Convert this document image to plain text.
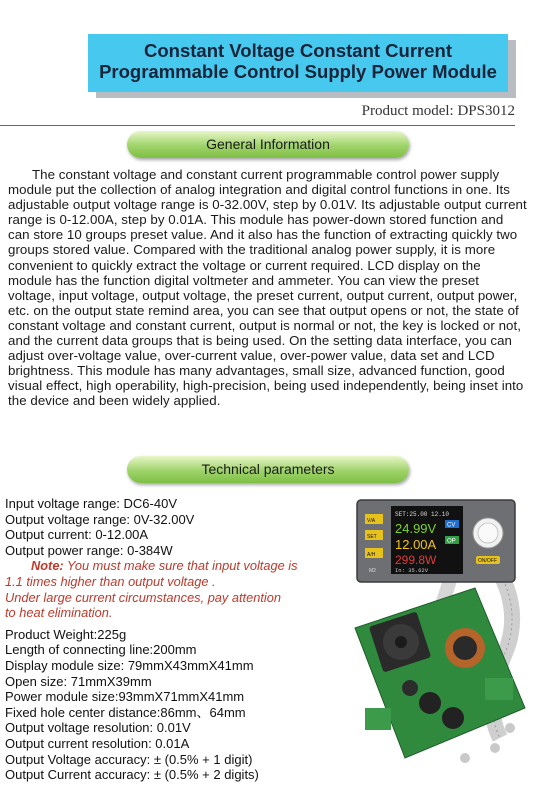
Constant Voltage Constant Current
Programmable Control Supply Power Module
Product model: DPS3012
General Information
The constant voltage and constant current programmable control power supply module put the collection of analog integration and digital control functions in one. Its adjustable output voltage range is 0-32.00V, step by 0.01V. Its adjustable output current range is 0-12.00A, step by 0.01A. This module has power-down stored function and can store 10 groups preset value. And it also has the function of extracting quickly two groups stored value. Compared with the traditional analog power supply, it is more convenient to quickly extract the voltage or current required. LCD display on the module has the function digital voltmeter and ammeter. You can view the preset voltage, input voltage, output voltage, the preset current, output current, output power, etc. on the output state remind area, you can see that output opens or not, the state of constant voltage and constant current, output is normal or not, the key is locked or not, and the current data groups that is being used. On the setting data interface, you can adjust over-voltage value, over-current value, over-power value, data set and LCD brightness. This module has many advantages, small size, advanced function, good visual effect, high operability, high-precision, being used independently, being inset into the device and been widely applied.
Technical parameters
Input voltage range: DC6-40V
Output voltage range: 0V-32.00V
Output current: 0-12.00A
Output power range: 0-384W
Note: You must make sure that input voltage is
1.1 times higher than output voltage .
Under large current circumstances, pay attention
to heat elimination.
Product Weight:225g
Length of connecting line:200mm
Display module size: 79mmX43mmX41mm
Open size: 71mmX39mm
Power module size:93mmX71mmX41mm
Fixed hole center distance:86mm、64mm
Output voltage resolution: 0.01V
Output current resolution: 0.01A
Output Voltage accuracy: ± (0.5% + 1 digit)
Output Current accuracy: ± (0.5% + 2 digits)
SET:25.00 12.10
24.99V
12.00A
299.8W
In: 35.62V
CV
OP
V/A
SET
A/H
M2
ON/OFF
